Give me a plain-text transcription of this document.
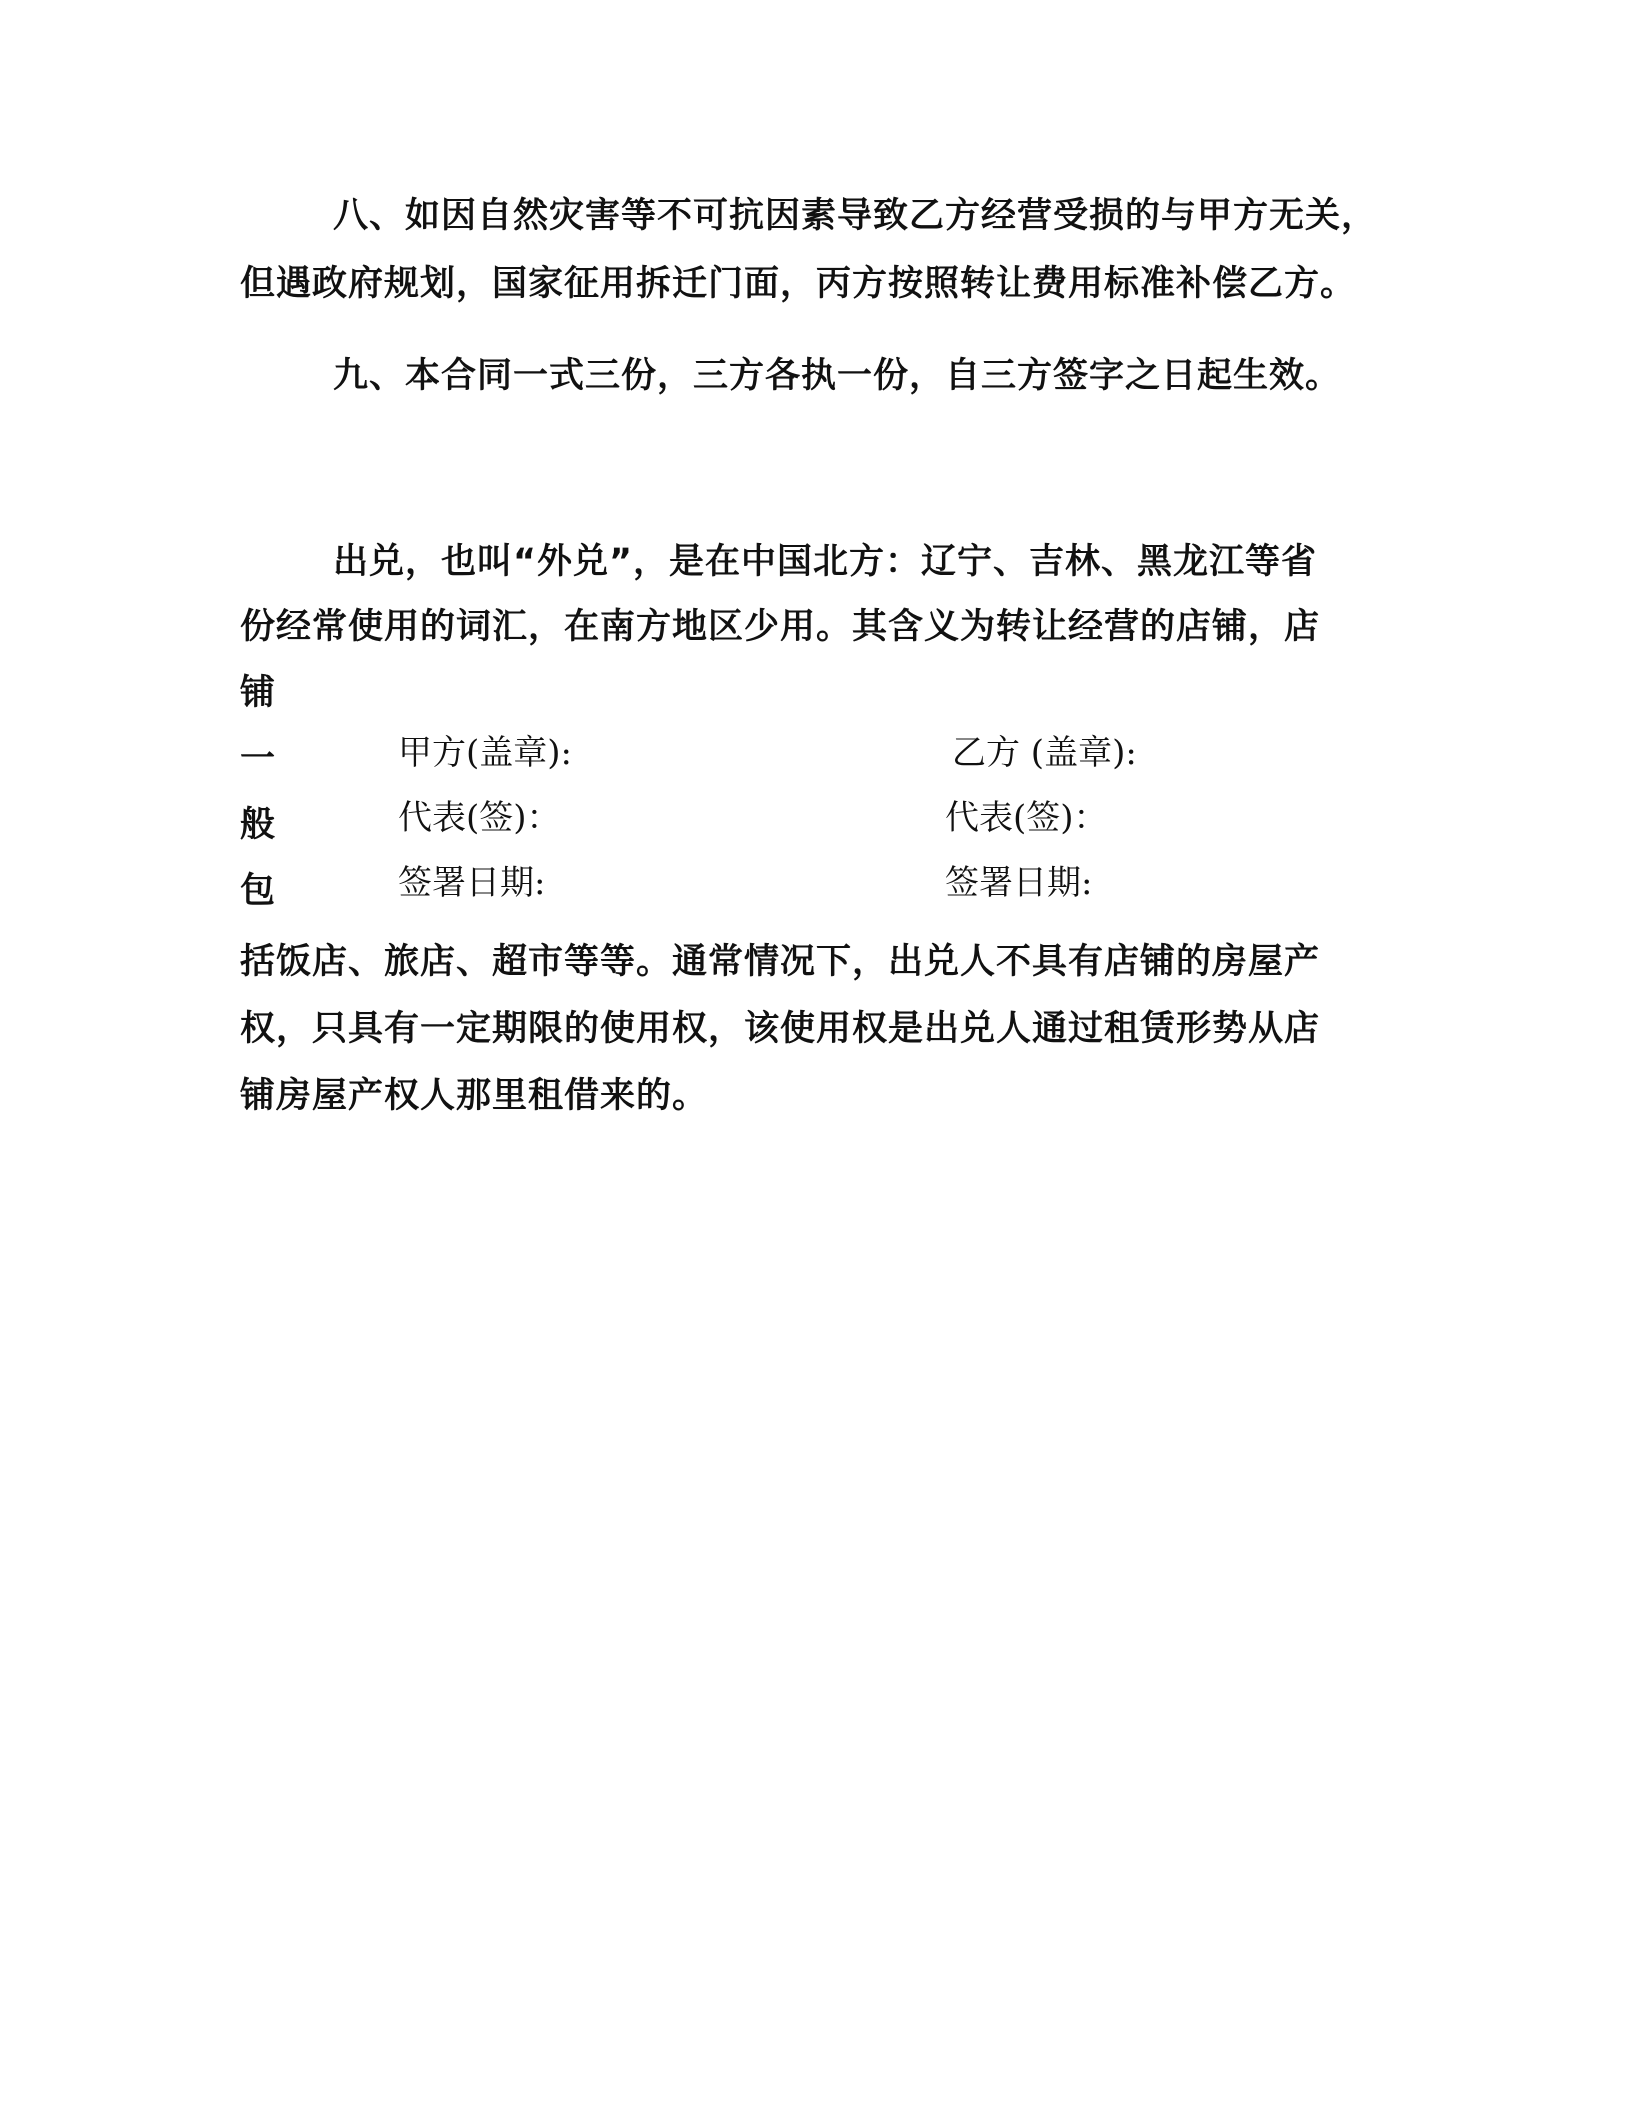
八、如因自然灾害等不可抗因素导致乙方经营受损的与甲方无关，
但遇政府规划，国家征用拆迁门面，丙方按照转让费用标准补偿乙方。
九、本合同一式三份，三方各执一份，自三方签字之日起生效。
出兑，也叫“外兑”，是在中国北方：辽宁、吉林、黑龙江等省
份经常使用的词汇，在南方地区少用。其含义为转让经营的店铺，店
铺
一
般
包
甲方(盖章):	乙方 (盖章):
代表(签)：	代表(签)：
签署日期:	签署日期:
括饭店、旅店、超市等等。通常情况下，出兑人不具有店铺的房屋产
权，只具有一定期限的使用权，该使用权是出兑人通过租赁形势从店
铺房屋产权人那里租借来的。
